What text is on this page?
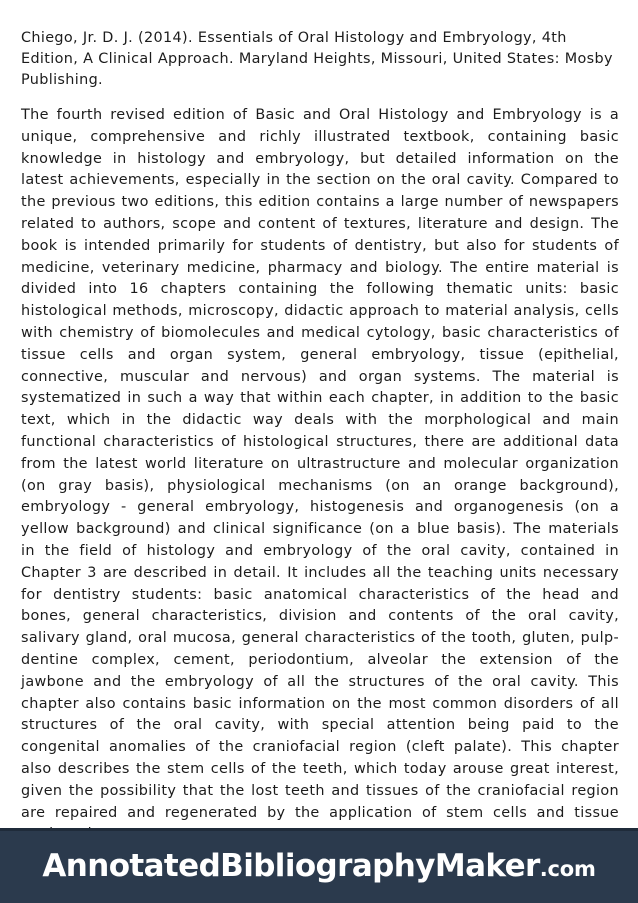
Chiego, Jr. D. J. (2014). Essentials of Oral Histology and Embryology, 4th Edition, A Clinical Approach. Maryland Heights, Missouri, United States: Mosby Publishing.

The fourth revised edition of Basic and Oral Histology and Embryology is a unique, comprehensive and richly illustrated textbook, containing basic knowledge in histology and embryology, but detailed information on the latest achievements, especially in the section on the oral cavity. Compared to the previous two editions, this edition contains a large number of newspapers related to authors, scope and content of textures, literature and design. The book is intended primarily for students of dentistry, but also for students of medicine, veterinary medicine, pharmacy and biology. The entire material is divided into 16 chapters containing the following thematic units: basic histological methods, microscopy, didactic approach to material analysis, cells with chemistry of biomolecules and medical cytology, basic characteristics of tissue cells and organ system, general embryology, tissue (epithelial, connective, muscular and nervous) and organ systems. The material is systematized in such a way that within each chapter, in addition to the basic text, which in the didactic way deals with the morphological and main functional characteristics of histological structures, there are additional data from the latest world literature on ultrastructure and molecular organization (on gray basis), physiological mechanisms (on an orange background), embryology - general embryology, histogenesis and organogenesis (on a yellow background) and clinical significance (on a blue basis). The materials in the field of histology and embryology of the oral cavity, contained in Chapter 3 are described in detail. It includes all the teaching units necessary for dentistry students: basic anatomical characteristics of the head and bones, general characteristics, division and contents of the oral cavity, salivary gland, oral mucosa, general characteristics of the tooth, gluten, pulp-dentine complex, cement, periodontium, alveolar the extension of the jawbone and the embryology of all the structures of the oral cavity. This chapter also contains basic information on the most common disorders of all structures of the oral cavity, with special attention being paid to the congenital anomalies of the craniofacial region (cleft palate). This chapter also describes the stem cells of the teeth, which today arouse great interest, given the possibility that the lost teeth and tissues of the craniofacial region are repaired and regenerated by the application of stem cells and tissue

AnnotatedBibliographyMaker .com
